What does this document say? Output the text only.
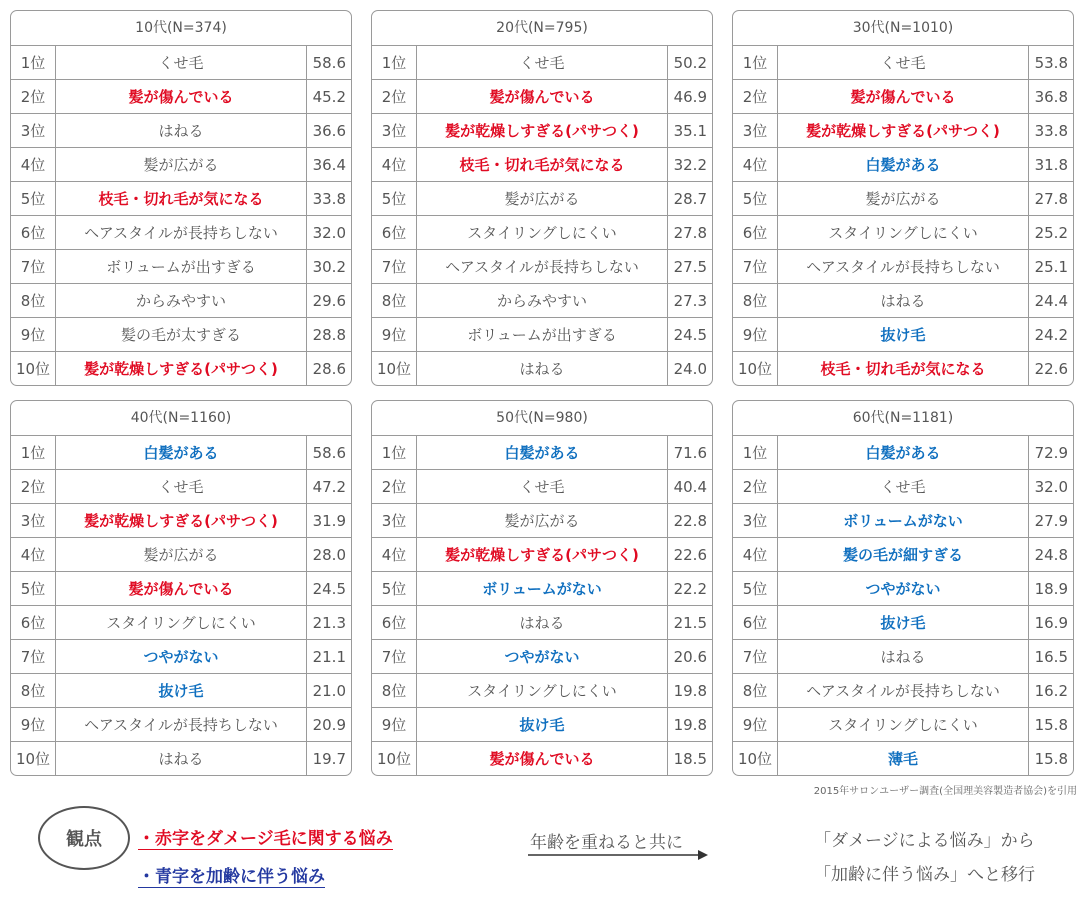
10代(N=374)
1位	くせ毛	58.6
2位	髪が傷んでいる	45.2
3位	はねる	36.6
4位	髪が広がる	36.4
5位	枝毛・切れ毛が気になる	33.8
6位	ヘアスタイルが長持ちしない	32.0
7位	ボリュームが出すぎる	30.2
8位	からみやすい	29.6
9位	髪の毛が太すぎる	28.8
10位	髪が乾燥しすぎる(パサつく)	28.6
20代(N=795)
1位	くせ毛	50.2
2位	髪が傷んでいる	46.9
3位	髪が乾燥しすぎる(パサつく)	35.1
4位	枝毛・切れ毛が気になる	32.2
5位	髪が広がる	28.7
6位	スタイリングしにくい	27.8
7位	ヘアスタイルが長持ちしない	27.5
8位	からみやすい	27.3
9位	ボリュームが出すぎる	24.5
10位	はねる	24.0
30代(N=1010)
1位	くせ毛	53.8
2位	髪が傷んでいる	36.8
3位	髪が乾燥しすぎる(パサつく)	33.8
4位	白髪がある	31.8
5位	髪が広がる	27.8
6位	スタイリングしにくい	25.2
7位	ヘアスタイルが長持ちしない	25.1
8位	はねる	24.4
9位	抜け毛	24.2
10位	枝毛・切れ毛が気になる	22.6
40代(N=1160)
1位	白髪がある	58.6
2位	くせ毛	47.2
3位	髪が乾燥しすぎる(パサつく)	31.9
4位	髪が広がる	28.0
5位	髪が傷んでいる	24.5
6位	スタイリングしにくい	21.3
7位	つやがない	21.1
8位	抜け毛	21.0
9位	ヘアスタイルが長持ちしない	20.9
10位	はねる	19.7
50代(N=980)
1位	白髪がある	71.6
2位	くせ毛	40.4
3位	髪が広がる	22.8
4位	髪が乾燥しすぎる(パサつく)	22.6
5位	ボリュームがない	22.2
6位	はねる	21.5
7位	つやがない	20.6
8位	スタイリングしにくい	19.8
9位	抜け毛	19.8
10位	髪が傷んでいる	18.5
60代(N=1181)
1位	白髪がある	72.9
2位	くせ毛	32.0
3位	ボリュームがない	27.9
4位	髪の毛が細すぎる	24.8
5位	つやがない	18.9
6位	抜け毛	16.9
7位	はねる	16.5
8位	ヘアスタイルが長持ちしない	16.2
9位	スタイリングしにくい	15.8
10位	薄毛	15.8
2015年サロンユーザー調査(全国理美容製造者協会)を引用
観点 ・赤字をダメージ毛に関する悩み
・青字を加齢に伴う悩み
年齢を重ねると共に	「ダメージによる悩み」から
「加齢に伴う悩み」へと移行
